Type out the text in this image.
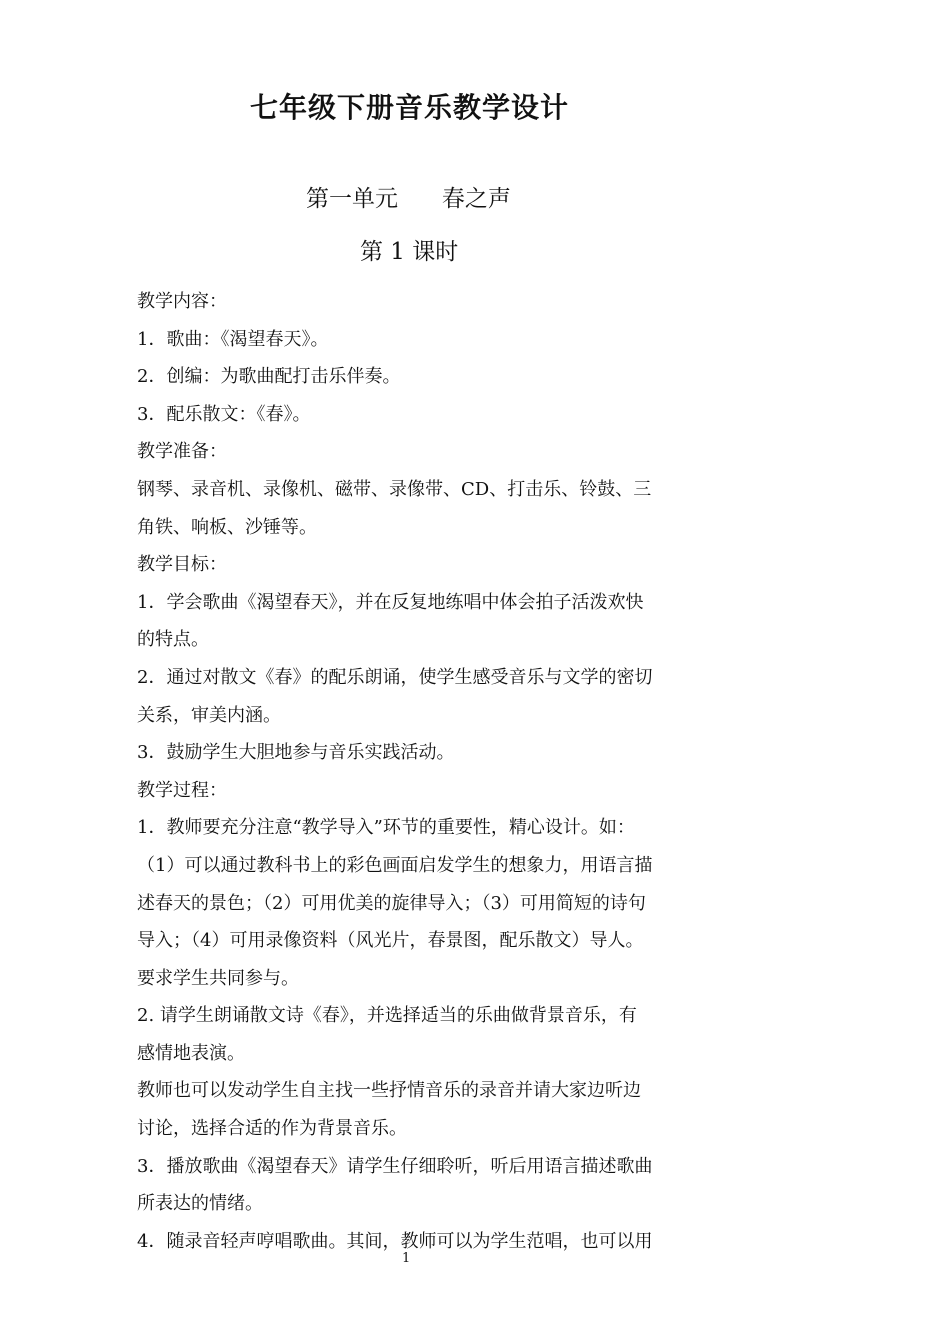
七年级下册音乐教学设计
第一单元      春之声
第 1 课时
教学内容：
1．歌曲：《渴望春天》。
2．创编：为歌曲配打击乐伴奏。
3．配乐散文：《春》。
教学准备：
钢琴、录音机、录像机、磁带、录像带、CD、打击乐、铃鼓、三
角铁、响板、沙锤等。
教学目标：
1．学会歌曲《渴望春天》，并在反复地练唱中体会拍子活泼欢快
的特点。
2．通过对散文《春》的配乐朗诵，使学生感受音乐与文学的密切
关系，审美内涵。
3．鼓励学生大胆地参与音乐实践活动。
教学过程：
1．教师要充分注意“教学导入”环节的重要性，精心设计。如：
（1）可以通过教科书上的彩色画面启发学生的想象力，用语言描
述春天的景色；（2）可用优美的旋律导入；（3）可用简短的诗句
导入；（4）可用录像资料（风光片，春景图，配乐散文）导人。
要求学生共同参与。
2. 请学生朗诵散文诗《春》，并选择适当的乐曲做背景音乐，有
感情地表演。
教师也可以发动学生自主找一些抒情音乐的录音并请大家边听边
讨论，选择合适的作为背景音乐。
3．播放歌曲《渴望春天》请学生仔细聆听，听后用语言描述歌曲
所表达的情绪。
4．随录音轻声哼唱歌曲。其间，教师可以为学生范唱，也可以用
1
